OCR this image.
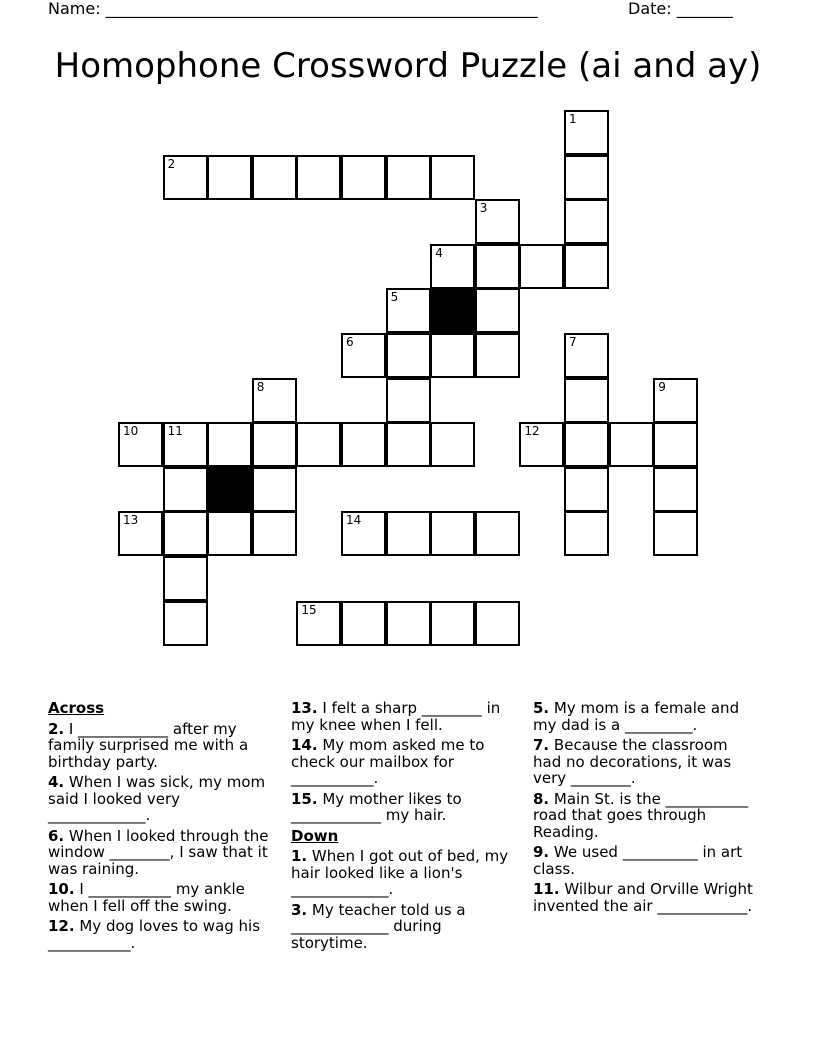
Name: ______________________________________________________	Date: _______
Homophone Crossword Puzzle (ai and ay)
1
2
3
4
5
6	7
8	9
10 11	12
13	14
15
Across
2. I ____________ after my family surprised me with a birthday party.
4. When I was sick, my mom said I looked very _____________.
6. When I looked through the window ________, I saw that it was raining.
10. I ___________ my ankle when I fell off the swing.
12. My dog loves to wag his ___________.
13. I felt a sharp ________ in my knee when I fell.
14. My mom asked me to check our mailbox for ___________.
15. My mother likes to ____________ my hair.
Down
1. When I got out of bed, my hair looked like a lion's _____________.
3. My teacher told us a _____________ during storytime.
5. My mom is a female and my dad is a _________.
7. Because the classroom had no decorations, it was very ________.
8. Main St. is the ___________ road that goes through Reading.
9. We used __________ in art class.
11. Wilbur and Orville Wright invented the air ____________.
